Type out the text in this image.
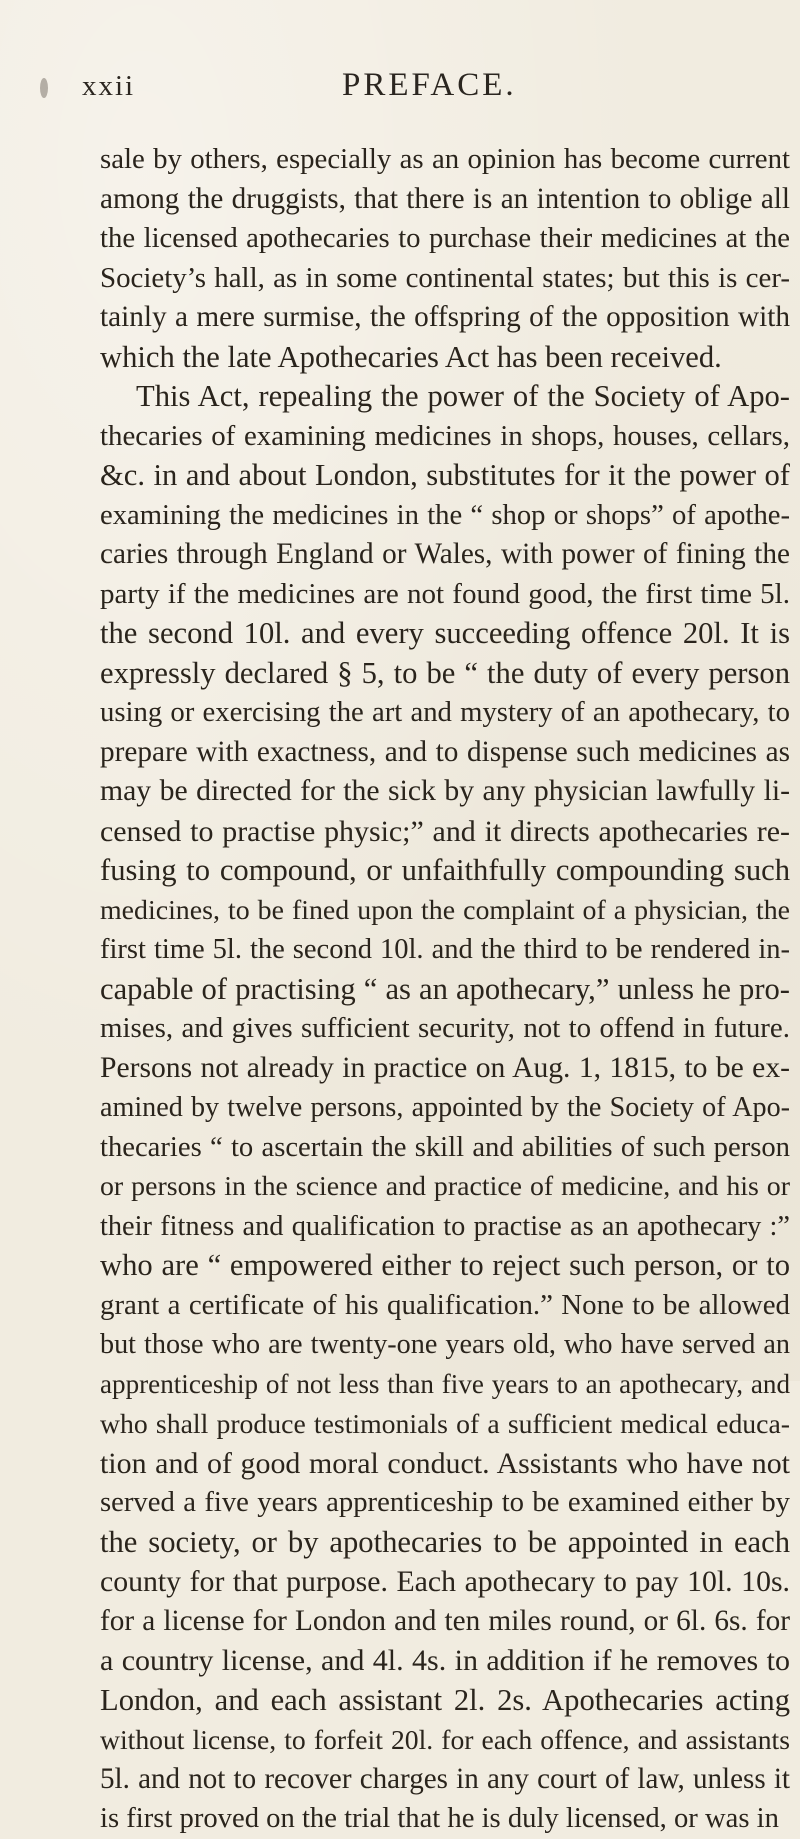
xxii	PREFACE.
sale by others, especially as an opinion has become current
among the druggists, that there is an intention to oblige all
the licensed apothecaries to purchase their medicines at the
Society’s hall, as in some continental states; but this is cer-
tainly a mere surmise, the offspring of the opposition with
which the late Apothecaries Act has been received.
This Act, repealing the power of the Society of Apo-
thecaries of examining medicines in shops, houses, cellars,
&c. in and about London, substitutes for it the power of
examining the medicines in the “ shop or shops” of apothe-
caries through England or Wales, with power of fining the
party if the medicines are not found good, the first time 5l.
the second 10l. and every succeeding offence 20l. It is
expressly declared § 5, to be “ the duty of every person
using or exercising the art and mystery of an apothecary, to
prepare with exactness, and to dispense such medicines as
may be directed for the sick by any physician lawfully li-
censed to practise physic;” and it directs apothecaries re-
fusing to compound, or unfaithfully compounding such
medicines, to be fined upon the complaint of a physician, the
first time 5l. the second 10l. and the third to be rendered in-
capable of practising “ as an apothecary,” unless he pro-
mises, and gives sufficient security, not to offend in future.
Persons not already in practice on Aug. 1, 1815, to be ex-
amined by twelve persons, appointed by the Society of Apo-
thecaries “ to ascertain the skill and abilities of such person
or persons in the science and practice of medicine, and his or
their fitness and qualification to practise as an apothecary :”
who are “ empowered either to reject such person, or to
grant a certificate of his qualification.” None to be allowed
but those who are twenty-one years old, who have served an
apprenticeship of not less than five years to an apothecary, and
who shall produce testimonials of a sufficient medical educa-
tion and of good moral conduct. Assistants who have not
served a five years apprenticeship to be examined either by
the society, or by apothecaries to be appointed in each
county for that purpose. Each apothecary to pay 10l. 10s.
for a license for London and ten miles round, or 6l. 6s. for
a country license, and 4l. 4s. in addition if he removes to
London, and each assistant 2l. 2s. Apothecaries acting
without license, to forfeit 20l. for each offence, and assistants
5l. and not to recover charges in any court of law, unless it
is first proved on the trial that he is duly licensed, or was in
